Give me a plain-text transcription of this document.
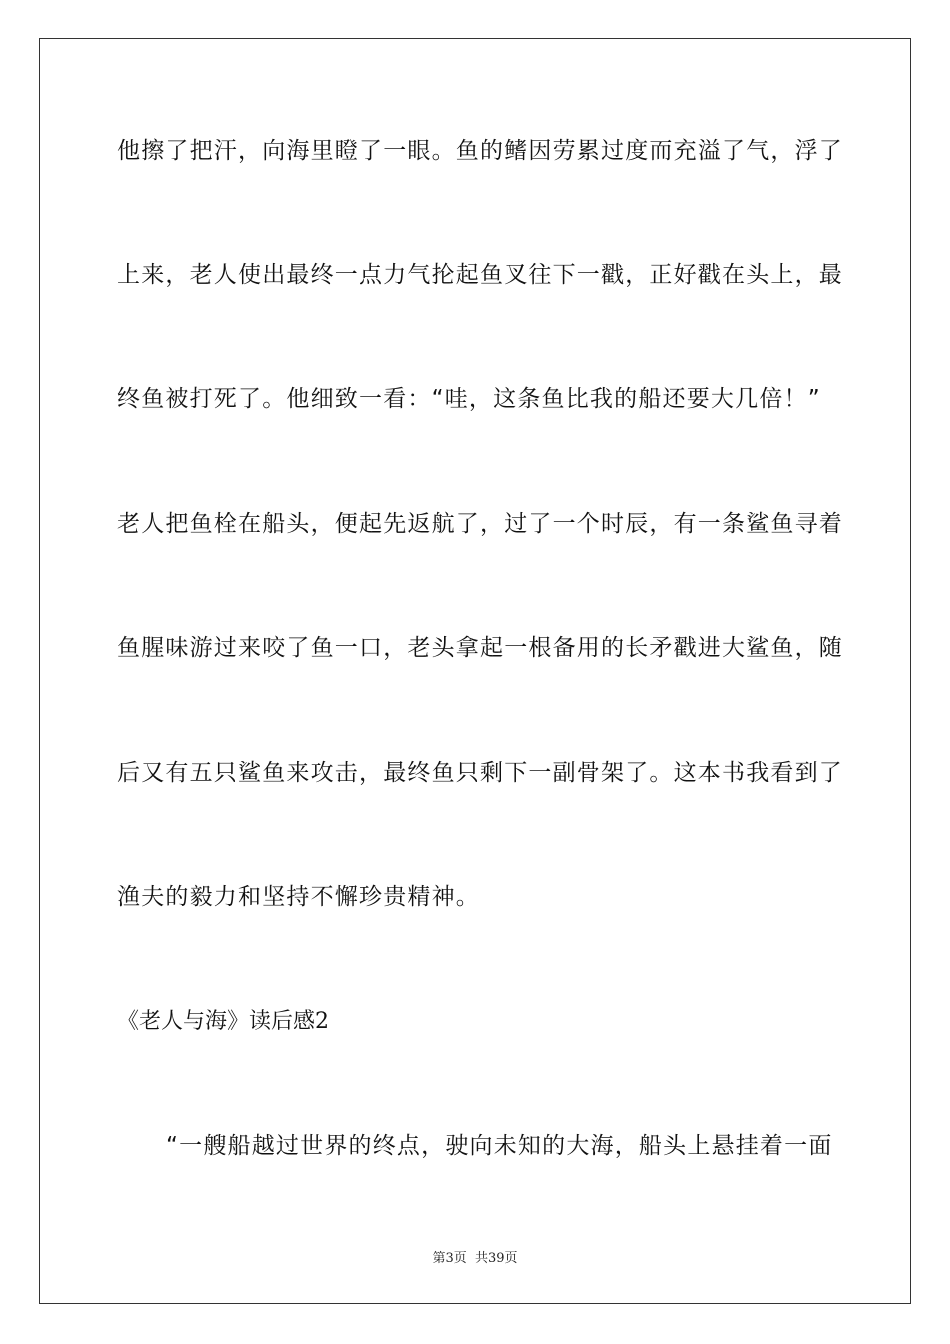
他擦了把汗，向海里瞪了一眼。鱼的鳍因劳累过度而充溢了气，浮了
上来，老人使出最终一点力气抡起鱼叉往下一戳，正好戳在头上，最
终鱼被打死了。他细致一看：“哇，这条鱼比我的船还要大几倍！”
老人把鱼栓在船头，便起先返航了，过了一个时辰，有一条鲨鱼寻着
鱼腥味游过来咬了鱼一口，老头拿起一根备用的长矛戳进大鲨鱼，随
后又有五只鲨鱼来攻击，最终鱼只剩下一副骨架了。这本书我看到了
渔夫的毅力和坚持不懈珍贵精神。
《老人与海》读后感2
“一艘船越过世界的终点，驶向未知的大海，船头上悬挂着一面
第3页 共39页
